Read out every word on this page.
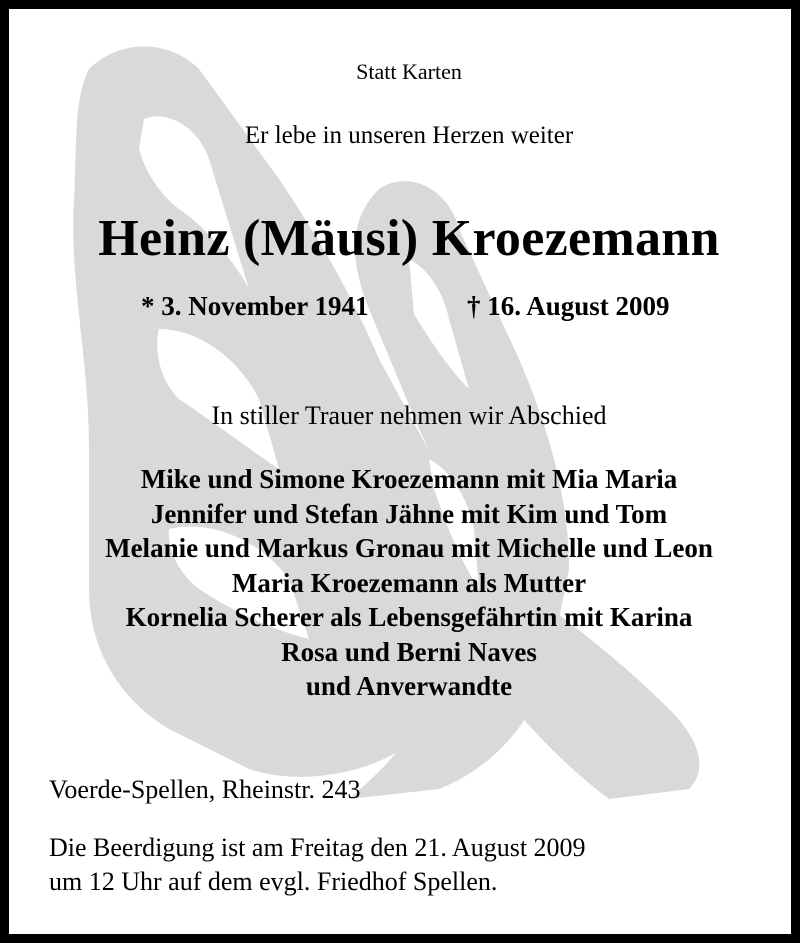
Statt Karten
Er lebe in unseren Herzen weiter
Heinz (Mäusi) Kroezemann
* 3. November 1941	† 16. August 2009
In stiller Trauer nehmen wir Abschied
Mike und Simone Kroezemann mit Mia Maria
Jennifer und Stefan Jähne mit Kim und Tom
Melanie und Markus Gronau mit Michelle und Leon
Maria Kroezemann als Mutter
Kornelia Scherer als Lebensgefährtin mit Karina
Rosa und Berni Naves
und Anverwandte
Voerde-Spellen, Rheinstr. 243
Die Beerdigung ist am Freitag den 21. August 2009
um 12 Uhr auf dem evgl. Friedhof Spellen.
